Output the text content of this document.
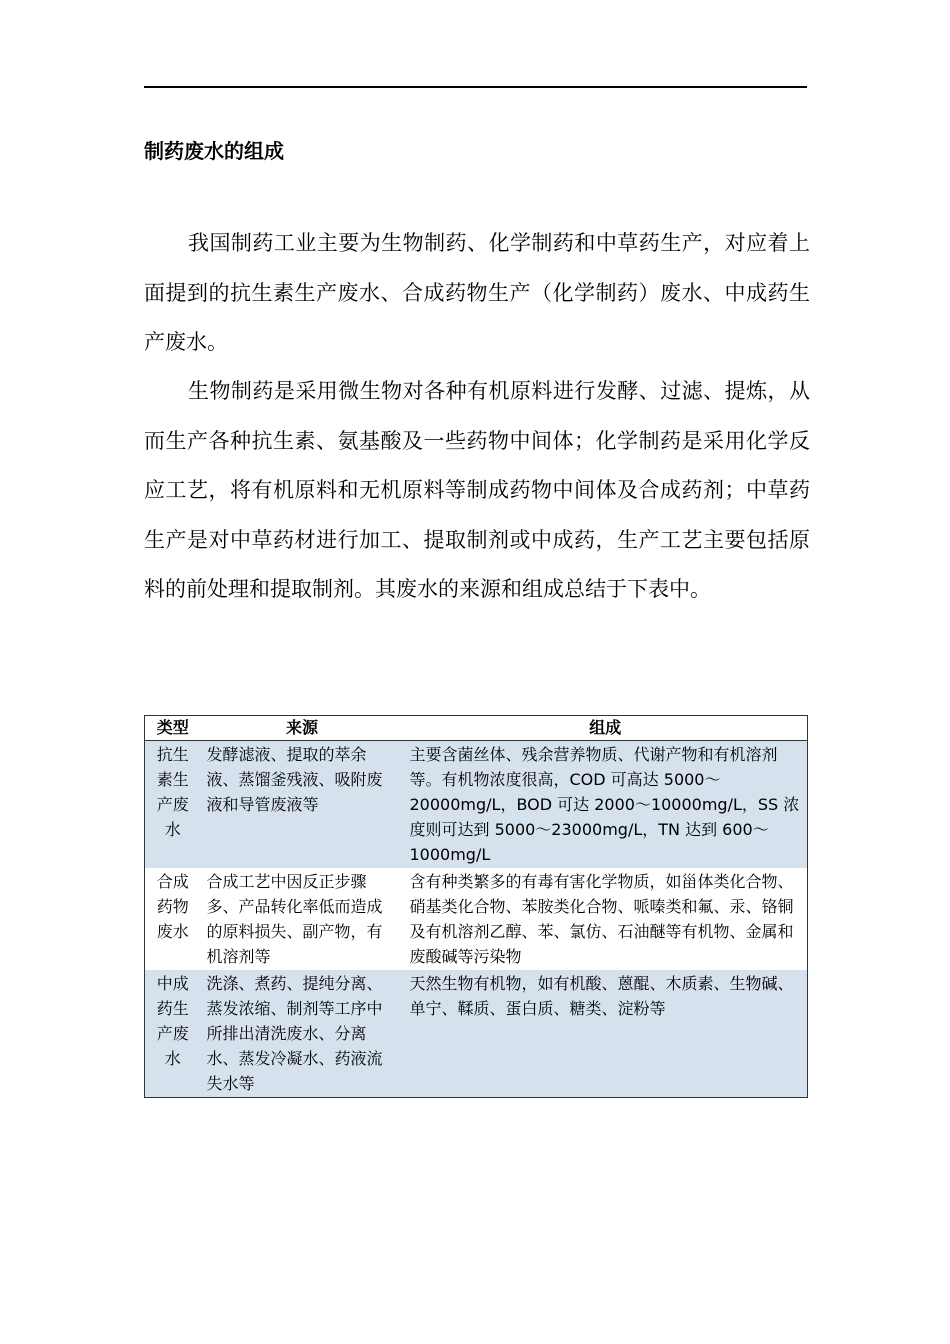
制药废水的组成

我国制药工业主要为生物制药、化学制药和中草药生产，对应着上面提到的抗生素生产废水、合成药物生产（化学制药）废水、中成药生产废水。

生物制药是采用微生物对各种有机原料进行发酵、过滤、提炼，从而生产各种抗生素、氨基酸及一些药物中间体；化学制药是采用化学反应工艺，将有机原料和无机原料等制成药物中间体及合成药剂；中草药生产是对中草药材进行加工、提取制剂或中成药，生产工艺主要包括原料的前处理和提取制剂。其废水的来源和组成总结于下表中。

类型	来源	组成
抗生素生产废水	发酵滤液、提取的萃余液、蒸馏釜残液、吸附废液和导管废液等	主要含菌丝体、残余营养物质、代谢产物和有机溶剂等。有机物浓度很高，COD 可高达 5000～20000mg/L，BOD 可达 2000～10000mg/L，SS 浓度则可达到 5000～23000mg/L，TN 达到 600～1000mg/L
合成药物废水	合成工艺中因反正步骤多、产品转化率低而造成的原料损失、副产物，有机溶剂等	含有种类繁多的有毒有害化学物质，如甾体类化合物、硝基类化合物、苯胺类化合物、哌嗪类和氟、汞、铬铜及有机溶剂乙醇、苯、氯仿、石油醚等有机物、金属和废酸碱等污染物
中成药生产废水	洗涤、煮药、提纯分离、蒸发浓缩、制剂等工序中所排出清洗废水、分离水、蒸发冷凝水、药液流失水等	天然生物有机物，如有机酸、蒽醌、木质素、生物碱、单宁、鞣质、蛋白质、糖类、淀粉等
